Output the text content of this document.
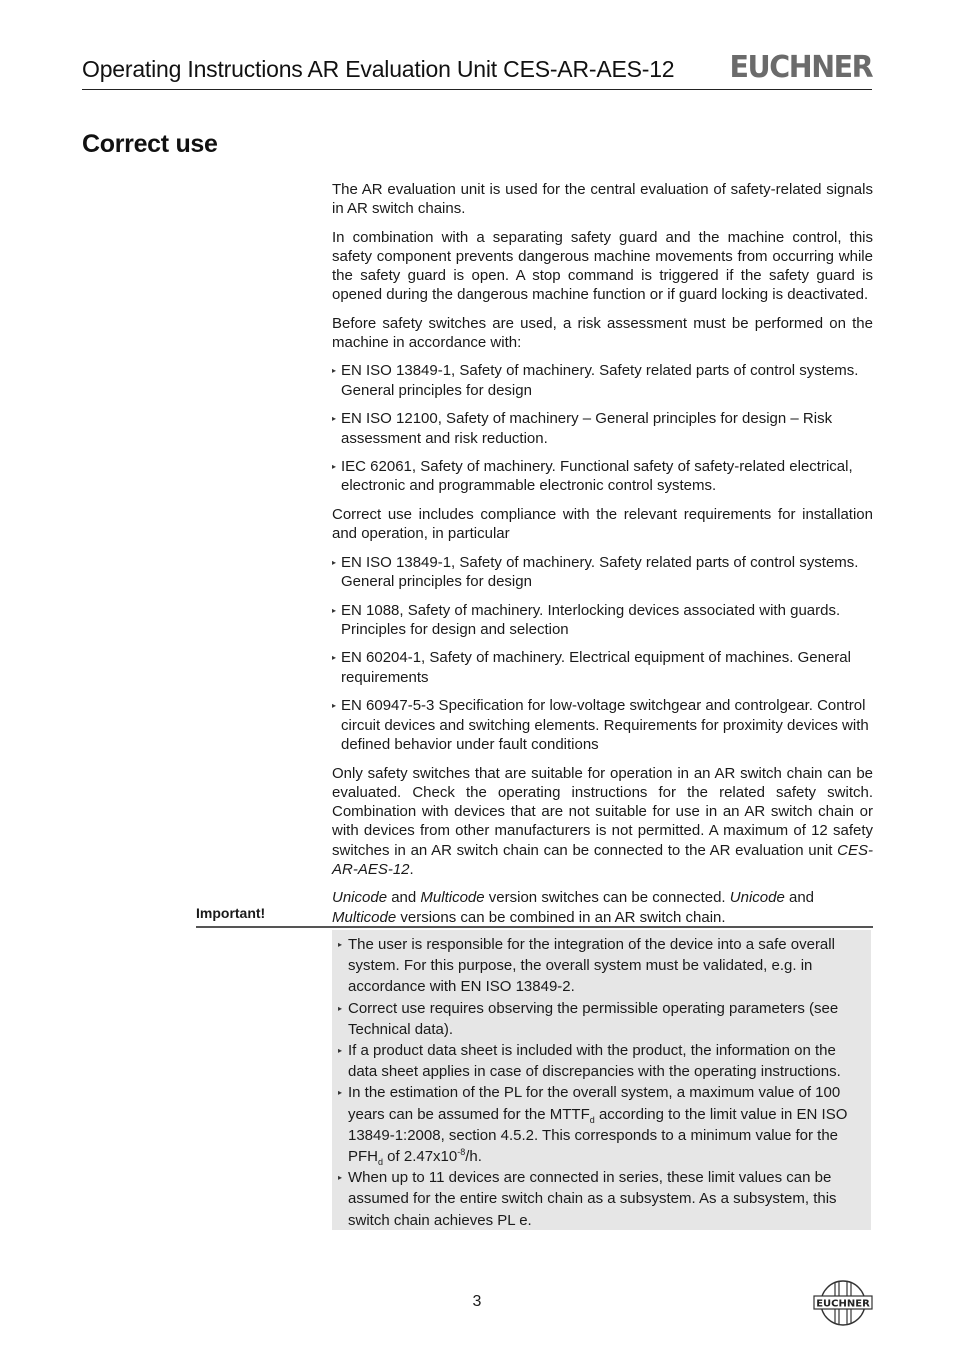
Operating Instructions AR Evaluation Unit CES-AR-AES-12 EUCHNER
Correct use

The AR evaluation unit is used for the central evaluation of safety-related signals in AR switch chains.

In combination with a separating safety guard and the machine control, this safety component prevents dangerous machine movements from occurring while the safety guard is open. A stop command is triggered if the safety guard is opened during the dangerous machine function or if guard locking is deactivated.

Before safety switches are used, a risk assessment must be performed on the machine in accordance with:

▸ EN ISO 13849-1, Safety of machinery. Safety related parts of control systems. General principles for design
▸ EN ISO 12100, Safety of machinery – General principles for design – Risk assessment and risk reduction.
▸ IEC 62061, Safety of machinery. Functional safety of safety-related electrical, electronic and programmable electronic control systems.

Correct use includes compliance with the relevant requirements for installation and operation, in particular

▸ EN ISO 13849-1, Safety of machinery. Safety related parts of control systems. General principles for design
▸ EN 1088, Safety of machinery. Interlocking devices associated with guards. Principles for design and selection
▸ EN 60204-1, Safety of machinery. Electrical equipment of machines. General requirements
▸ EN 60947-5-3 Specification for low-voltage switchgear and controlgear. Control circuit devices and switching elements. Requirements for proximity devices with defined behavior under fault conditions

Only safety switches that are suitable for operation in an AR switch chain can be evaluated. Check the operating instructions for the related safety switch. Combination with devices that are not suitable for use in an AR switch chain or with devices from other manufacturers is not permitted. A maximum of 12 safety switches in an AR switch chain can be connected to the AR evaluation unit CES-AR-AES-12.

Unicode and Multicode version switches can be connected. Unicode and Multicode versions can be combined in an AR switch chain.

Important!
▸ The user is responsible for the integration of the device into a safe overall system. For this purpose, the overall system must be validated, e.g. in accordance with EN ISO 13849-2.
▸ Correct use requires observing the permissible operating parameters (see Technical data).
▸ If a product data sheet is included with the product, the information on the data sheet applies in case of discrepancies with the operating instructions.
▸ In the estimation of the PL for the overall system, a maximum value of 100 years can be assumed for the $MTTF_d$ according to the limit value in EN ISO 13849-1:2008, section 4.5.2. This corresponds to a minimum value for the $PFH_d$ of $2.47x10^{-8}/h$.
▸ When up to 11 devices are connected in series, these limit values can be assumed for the entire switch chain as a subsystem. As a subsystem, this switch chain achieves PL e.
3	EUCHNER
